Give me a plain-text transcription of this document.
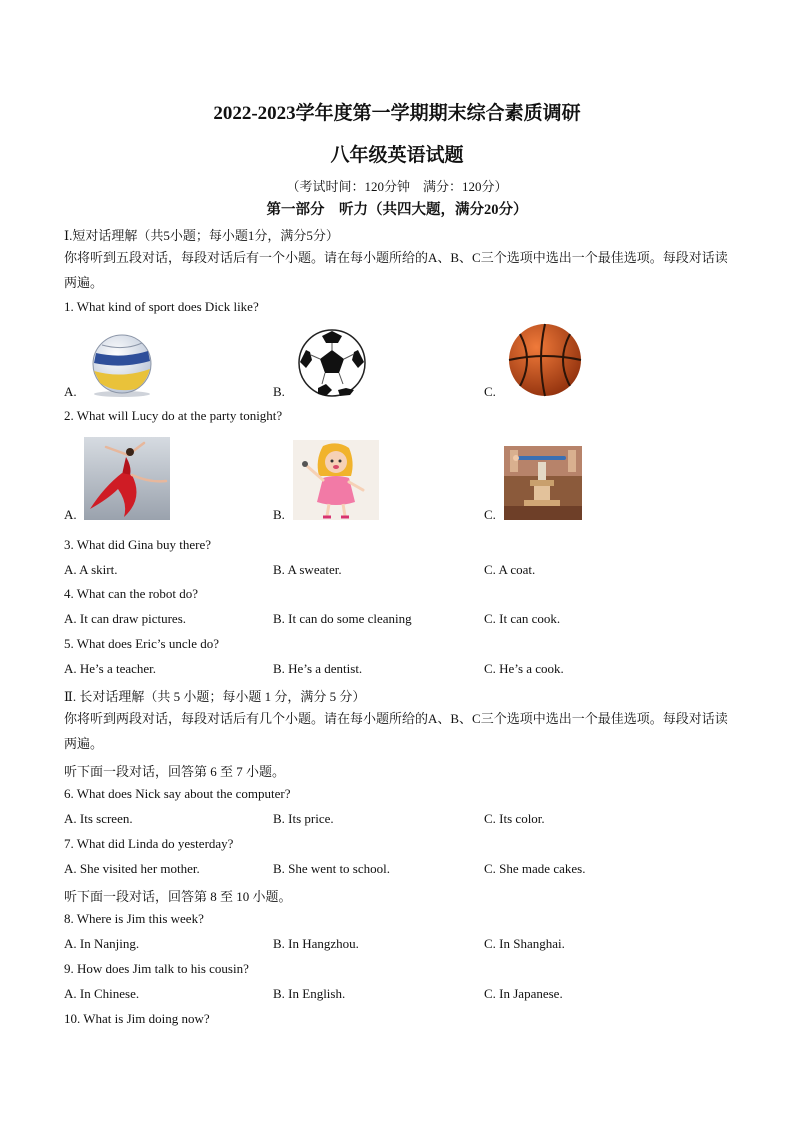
2022-2023学年度第一学期期末综合素质调研
八年级英语试题
（考试时间：120分钟　满分：120分）
第一部分　听力（共四大题，满分20分）
Ⅰ.短对话理解（共5小题；每小题1分，满分5分）
你将听到五段对话，每段对话后有一个小题。请在每小题所给的A、B、C三个选项中选出一个最佳选项。每段对话读两遍。
1. What kind of sport does Dick like?
A.	B.	C.
2. What will Lucy do at the party tonight?
A.	B.	C.
3. What did Gina buy there?
A. A skirt.	B. A sweater.	C. A coat.
4. What can the robot do?
A. It can draw pictures.	B. It can do some cleaning	C. It can cook.
5. What does Eric’s uncle do?
A. He’s a teacher.	B. He’s a dentist.	C. He’s a cook.
Ⅱ. 长对话理解（共 5 小题；每小题 1 分，满分 5 分）
你将听到两段对话，每段对话后有几个小题。请在每小题所给的A、B、C三个选项中选出一个最佳选项。每段对话读两遍。
听下面一段对话，回答第 6 至 7 小题。
6. What does Nick say about the computer?
A. Its screen.	B. Its price.	C. Its color.
7. What did Linda do yesterday?
A. She visited her mother.	B. She went to school.	C. She made cakes.
听下面一段对话，回答第 8 至 10 小题。
8. Where is Jim this week?
A. In Nanjing.	B. In Hangzhou.	C. In Shanghai.
9. How does Jim talk to his cousin?
A. In Chinese.	B. In English.	C. In Japanese.
10. What is Jim doing now?
